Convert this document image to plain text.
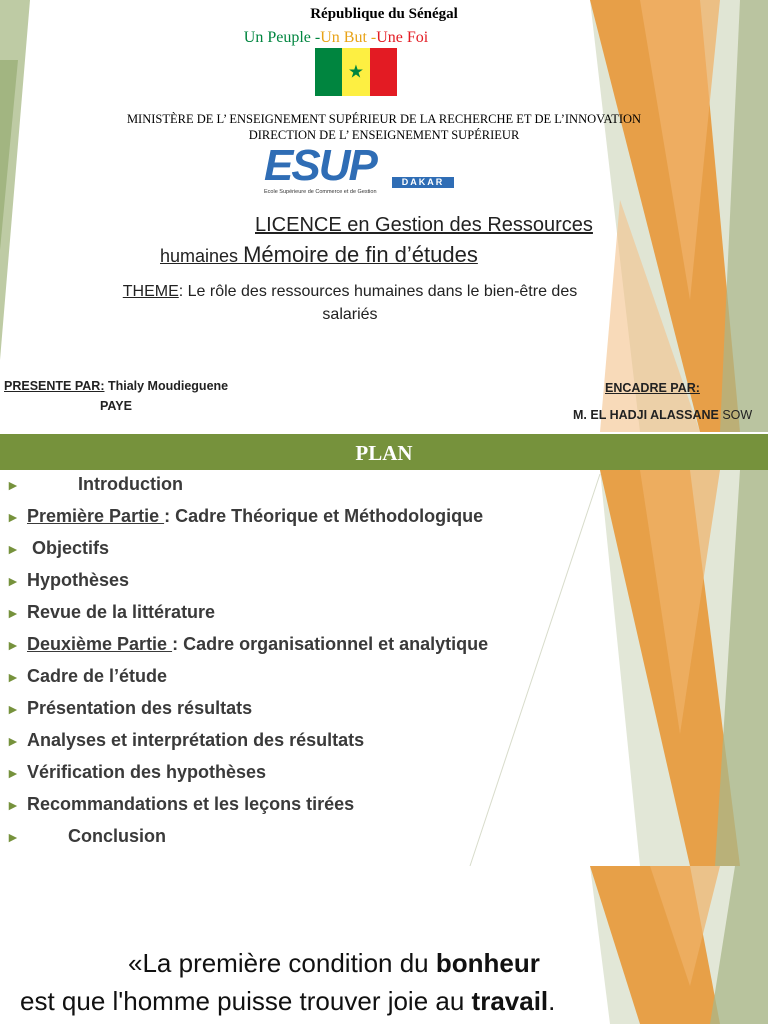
République du Sénégal
Un Peuple -Un But -Une Foi
★
MINISTÈRE DE L’ ENSEIGNEMENT SUPÉRIEUR DE LA RECHERCHE ET DE L’INNOVATION
DIRECTION DE L’ ENSEIGNEMENT SUPÉRIEUR
ESUP	DAKAR
Ecole Supérieure de Commerce et de Gestion
LICENCE en Gestion des Ressources
humaines Mémoire de fin d’études
THEME: Le rôle des ressources humaines dans le bien-être des
salariés
PRESENTE PAR: Thialy Moudieguene
PAYE
ENCADRE PAR:
M. EL HADJI ALASSANE SOW
PLAN
►	Introduction
► Première Partie : Cadre Théorique et Méthodologique
► Objectifs
► Hypothèses
► Revue de la littérature
► Deuxième Partie : Cadre organisationnel et analytique
► Cadre de l’étude
► Présentation des résultats
► Analyses et interprétation des résultats
► Vérification des hypothèses
► Recommandations et les leçons tirées
►	Conclusion
«La première condition du bonheur
est que l'homme puisse trouver joie au travail.
